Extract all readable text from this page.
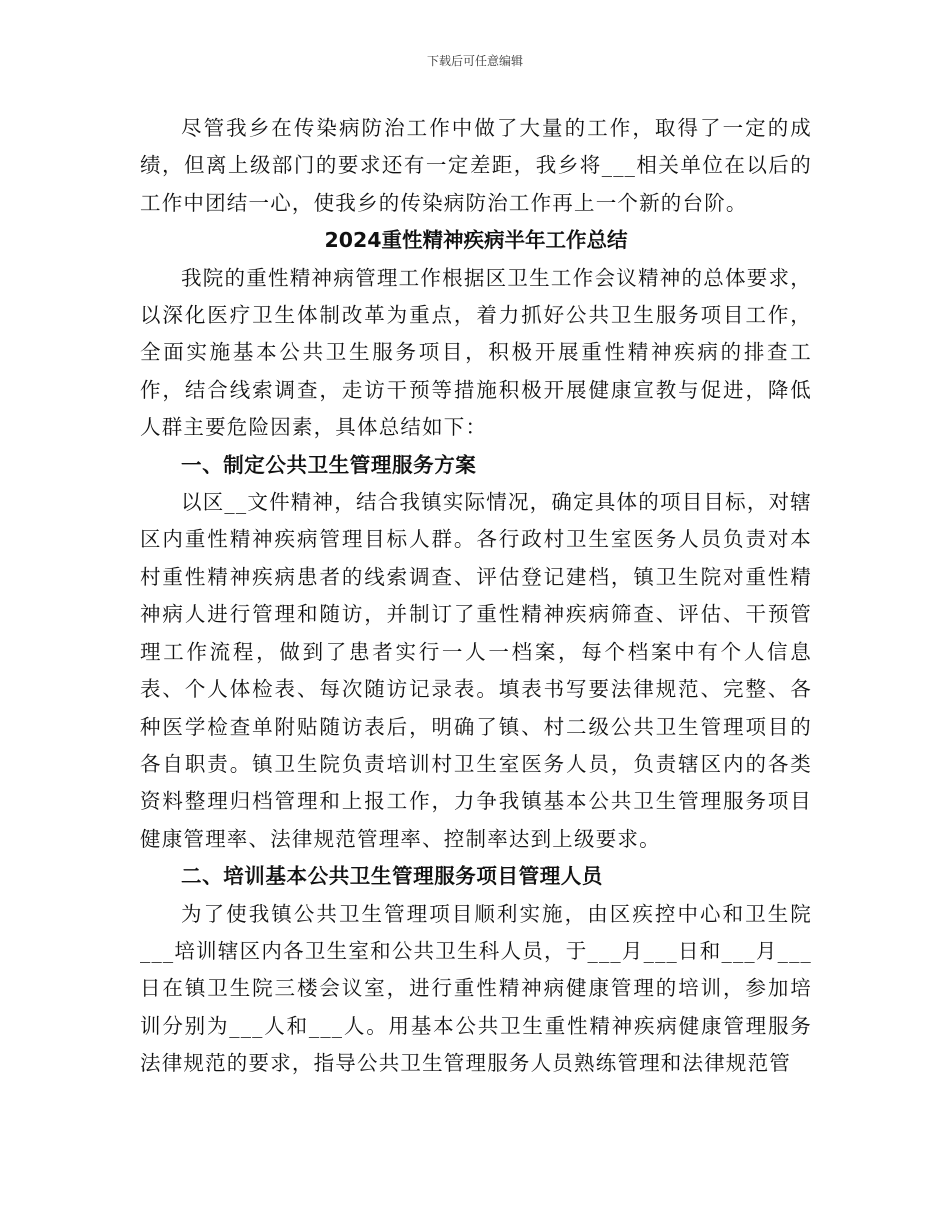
下载后可任意编辑

尽管我乡在传染病防治工作中做了大量的工作，取得了一定的成绩，但离上级部门的要求还有一定差距，我乡将___相关单位在以后的工作中团结一心，使我乡的传染病防治工作再上一个新的台阶。

2024重性精神疾病半年工作总结

我院的重性精神病管理工作根据区卫生工作会议精神的总体要求，以深化医疗卫生体制改革为重点，着力抓好公共卫生服务项目工作，全面实施基本公共卫生服务项目，积极开展重性精神疾病的排查工作，结合线索调查，走访干预等措施积极开展健康宣教与促进，降低人群主要危险因素，具体总结如下：

一、制定公共卫生管理服务方案

以区__文件精神，结合我镇实际情况，确定具体的项目目标，对辖区内重性精神疾病管理目标人群。各行政村卫生室医务人员负责对本村重性精神疾病患者的线索调查、评估登记建档，镇卫生院对重性精神病人进行管理和随访，并制订了重性精神疾病筛查、评估、干预管理工作流程，做到了患者实行一人一档案，每个档案中有个人信息表、个人体检表、每次随访记录表。填表书写要法律规范、完整、各种医学检查单附贴随访表后，明确了镇、村二级公共卫生管理项目的各自职责。镇卫生院负责培训村卫生室医务人员，负责辖区内的各类资料整理归档管理和上报工作，力争我镇基本公共卫生管理服务项目健康管理率、法律规范管理率、控制率达到上级要求。

二、培训基本公共卫生管理服务项目管理人员

为了使我镇公共卫生管理项目顺利实施，由区疾控中心和卫生院___培训辖区内各卫生室和公共卫生科人员，于___月___日和___月___日在镇卫生院三楼会议室，进行重性精神病健康管理的培训，参加培训分别为___人和___人。用基本公共卫生重性精神疾病健康管理服务法律规范的要求，指导公共卫生管理服务人员熟练管理和法律规范管
